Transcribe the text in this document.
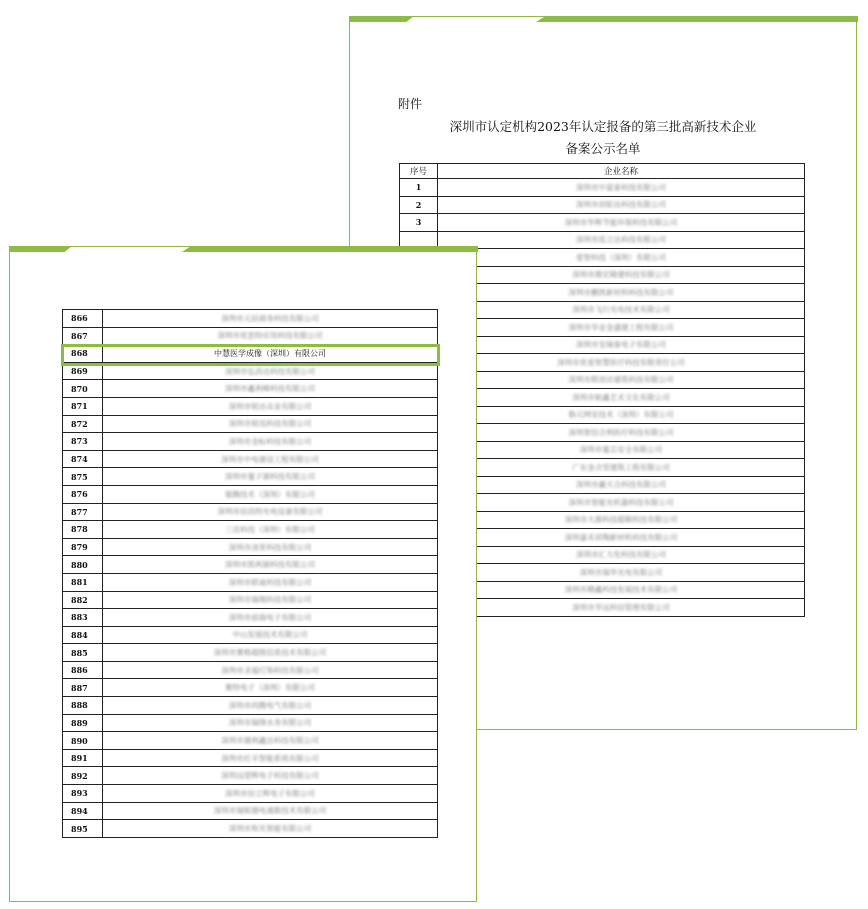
附件
深圳市认定机构2023年认定报备的第三批高新技术企业
备案公示名单
序号	企业名称
1	深圳市中富泰科技有限公司
2	深圳市创钜达科技有限公司
3	深圳市华辉节能环保科技有限公司
	深圳市泓立达科技有限公司
	爱智科技（深圳）有限公司
	深圳市鼎宏隆建科技有限公司
	深圳市鹏凯新材料科技有限公司
	深圳市飞行光电技术有限公司
	深圳市华业金盛建工程有限公司
	深圳市安瑞泰电子有限公司
	深圳市优爱智慧医疗科技有限责任公司
	深圳市联创达建筑科技有限公司
	深圳市航鑫艺术文化有限公司
	数元网安技术（深圳）有限公司
	深圳智信合利医疗科技有限公司
	深圳市量芯安全有限公司
	广东金合坚建筑工程有限公司
	深圳市赢天合科技有限公司
	深圳市智能光机器科技有限公司
	深圳市大源科技超顺科技有限公司
	深圳嘉禾祥陶新材料科技有限公司
	深圳市汇力发科技有限公司
	深圳市瑞华光电有限公司
	深圳市精鑫科技发展技术有限公司
	深圳市华远科信管理有限公司
866	深圳市元辰商务科技有限公司
867	深圳市优思特应用科技有限公司
868	中慧医学成像（深圳）有限公司
869	深圳市弘昌达科技有限公司
870	深圳市鑫利峰科技有限公司
871	深圳市锐达众业有限公司
872	深圳市锐迅科技有限公司
873	深圳市金标科技有限公司
874	深圳市中电建设工程有限公司
875	深圳市量子源科技有限公司
876	骏腾技术（深圳）有限公司
877	深圳市信昌特光电设备有限公司
878	三达科技（深圳）有限公司
879	深圳市凌晋科技有限公司
880	深圳市凯利源科技有限公司
881	深圳市联迪科技有限公司
882	深圳市瑞翔科技有限公司
883	深圳市前海电子有限公司
884	中山发展技术有限公司
885	深圳市赛格超级信息技术有限公司
886	深圳市圣福灯饰科技有限公司
887	赛特电子（深圳）有限公司
888	深圳市尚腾电气有限公司
889	深圳市瑞锋水务有限公司
890	深圳市德利鑫达科技有限公司
891	深圳市红辛智能系统有限公司
892	深圳远望辉电子科技有限公司
893	深圳市信立辉电子有限公司
894	深圳市瑞锐德电通数技术有限公司
895	深圳市和光智能有限公司
